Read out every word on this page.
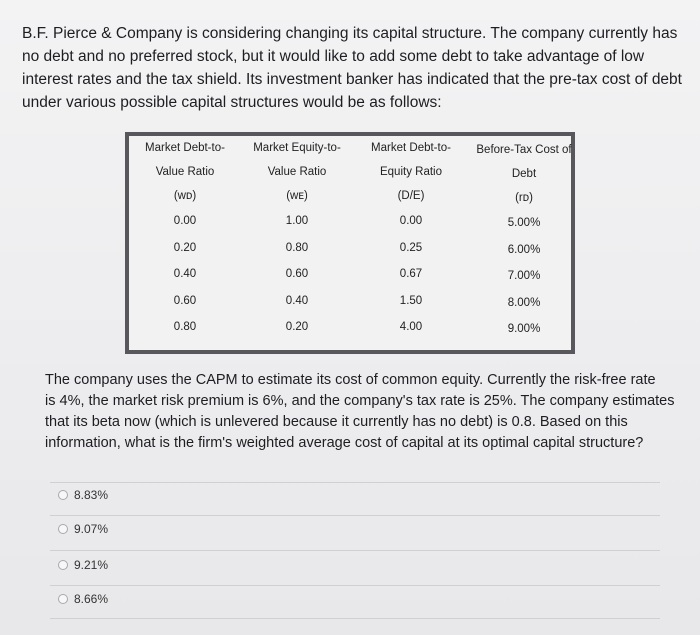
B.F. Pierce & Company is considering changing its capital structure. The company currently has
no debt and no preferred stock, but it would like to add some debt to take advantage of low
interest rates and the tax shield. Its investment banker has indicated that the pre-tax cost of debt
under various possible capital structures would be as follows:
Market Debt-to-
Value Ratio
(wᴅ)
0.00
0.20
0.40
0.60
0.80
Market Equity-to-
Value Ratio
(wᴇ)
1.00
0.80
0.60
0.40
0.20
Market Debt-to-
Equity Ratio
(D/E)
0.00
0.25
0.67
1.50
4.00
Before-Tax Cost of
Debt
(rᴅ)
5.00%
6.00%
7.00%
8.00%
9.00%
The company uses the CAPM to estimate its cost of common equity. Currently the risk-free rate
is 4%, the market risk premium is 6%, and the company's tax rate is 25%. The company estimates
that its beta now (which is unlevered because it currently has no debt) is 0.8. Based on this
information, what is the firm's weighted average cost of capital at its optimal capital structure?
8.83%
9.07%
9.21%
8.66%
